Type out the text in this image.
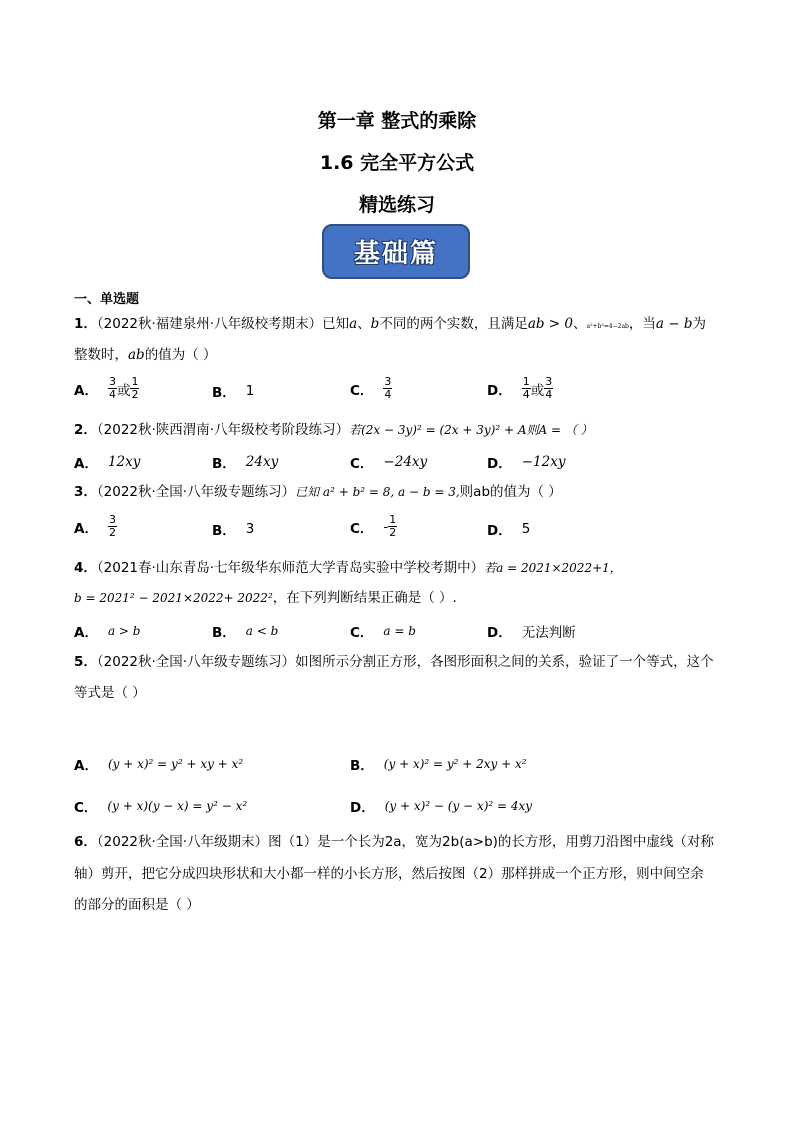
第一章 整式的乘除
1.6 完全平方公式
精选练习
基础篇
一、单选题
1．（2022秋·福建泉州·八年级校考期末）已知a、b不同的两个实数，且满足ab > 0、a²+b²=4−2ab，当a − b为
整数时，ab的值为（ ）
A． $\frac{3}{4}$ 或 $\frac{1}{2}$	B． 1	C． $\frac{3}{4}$	D． $\frac{1}{4}$ 或 $\frac{3}{4}$
2．（2022秋·陕西渭南·八年级校考阶段练习）若(2x − 3y)² = (2x + 3y)² + A则A = （ ）
A． 12xy	B． 24xy	C． −24xy	D． −12xy
3．（2022秋·全国·八年级专题练习）已知 a² + b² = 8, a − b = 3,则ab的值为（ ）
A． $\frac{3}{2}$	B． 3	C． - $\frac{1}{2}$	D． 5
4．（2021春·山东青岛·七年级华东师范大学青岛实验中学校考期中）若a = 2021×2022+1，
b = 2021² − 2021×2022+ 2022²，在下列判断结果正确是（ ）.
A． a > b	B． a < b	C． a = b	D． 无法判断
5．（2022秋·全国·八年级专题练习）如图所示分割正方形，各图形面积之间的关系，验证了一个等式，这个
等式是（ ）
A． (y + x)² = y² + xy + x²	B． (y + x)² = y² + 2xy + x²
C． (y + x)(y − x) = y² − x²	D． (y + x)² − (y − x)² = 4xy
6．（2022秋·全国·八年级期末）图（1）是一个长为2a，宽为2b(a>b)的长方形，用剪刀沿图中虚线（对称
轴）剪开，把它分成四块形状和大小都一样的小长方形，然后按图（2）那样拼成一个正方形，则中间空余
的部分的面积是（ ）
